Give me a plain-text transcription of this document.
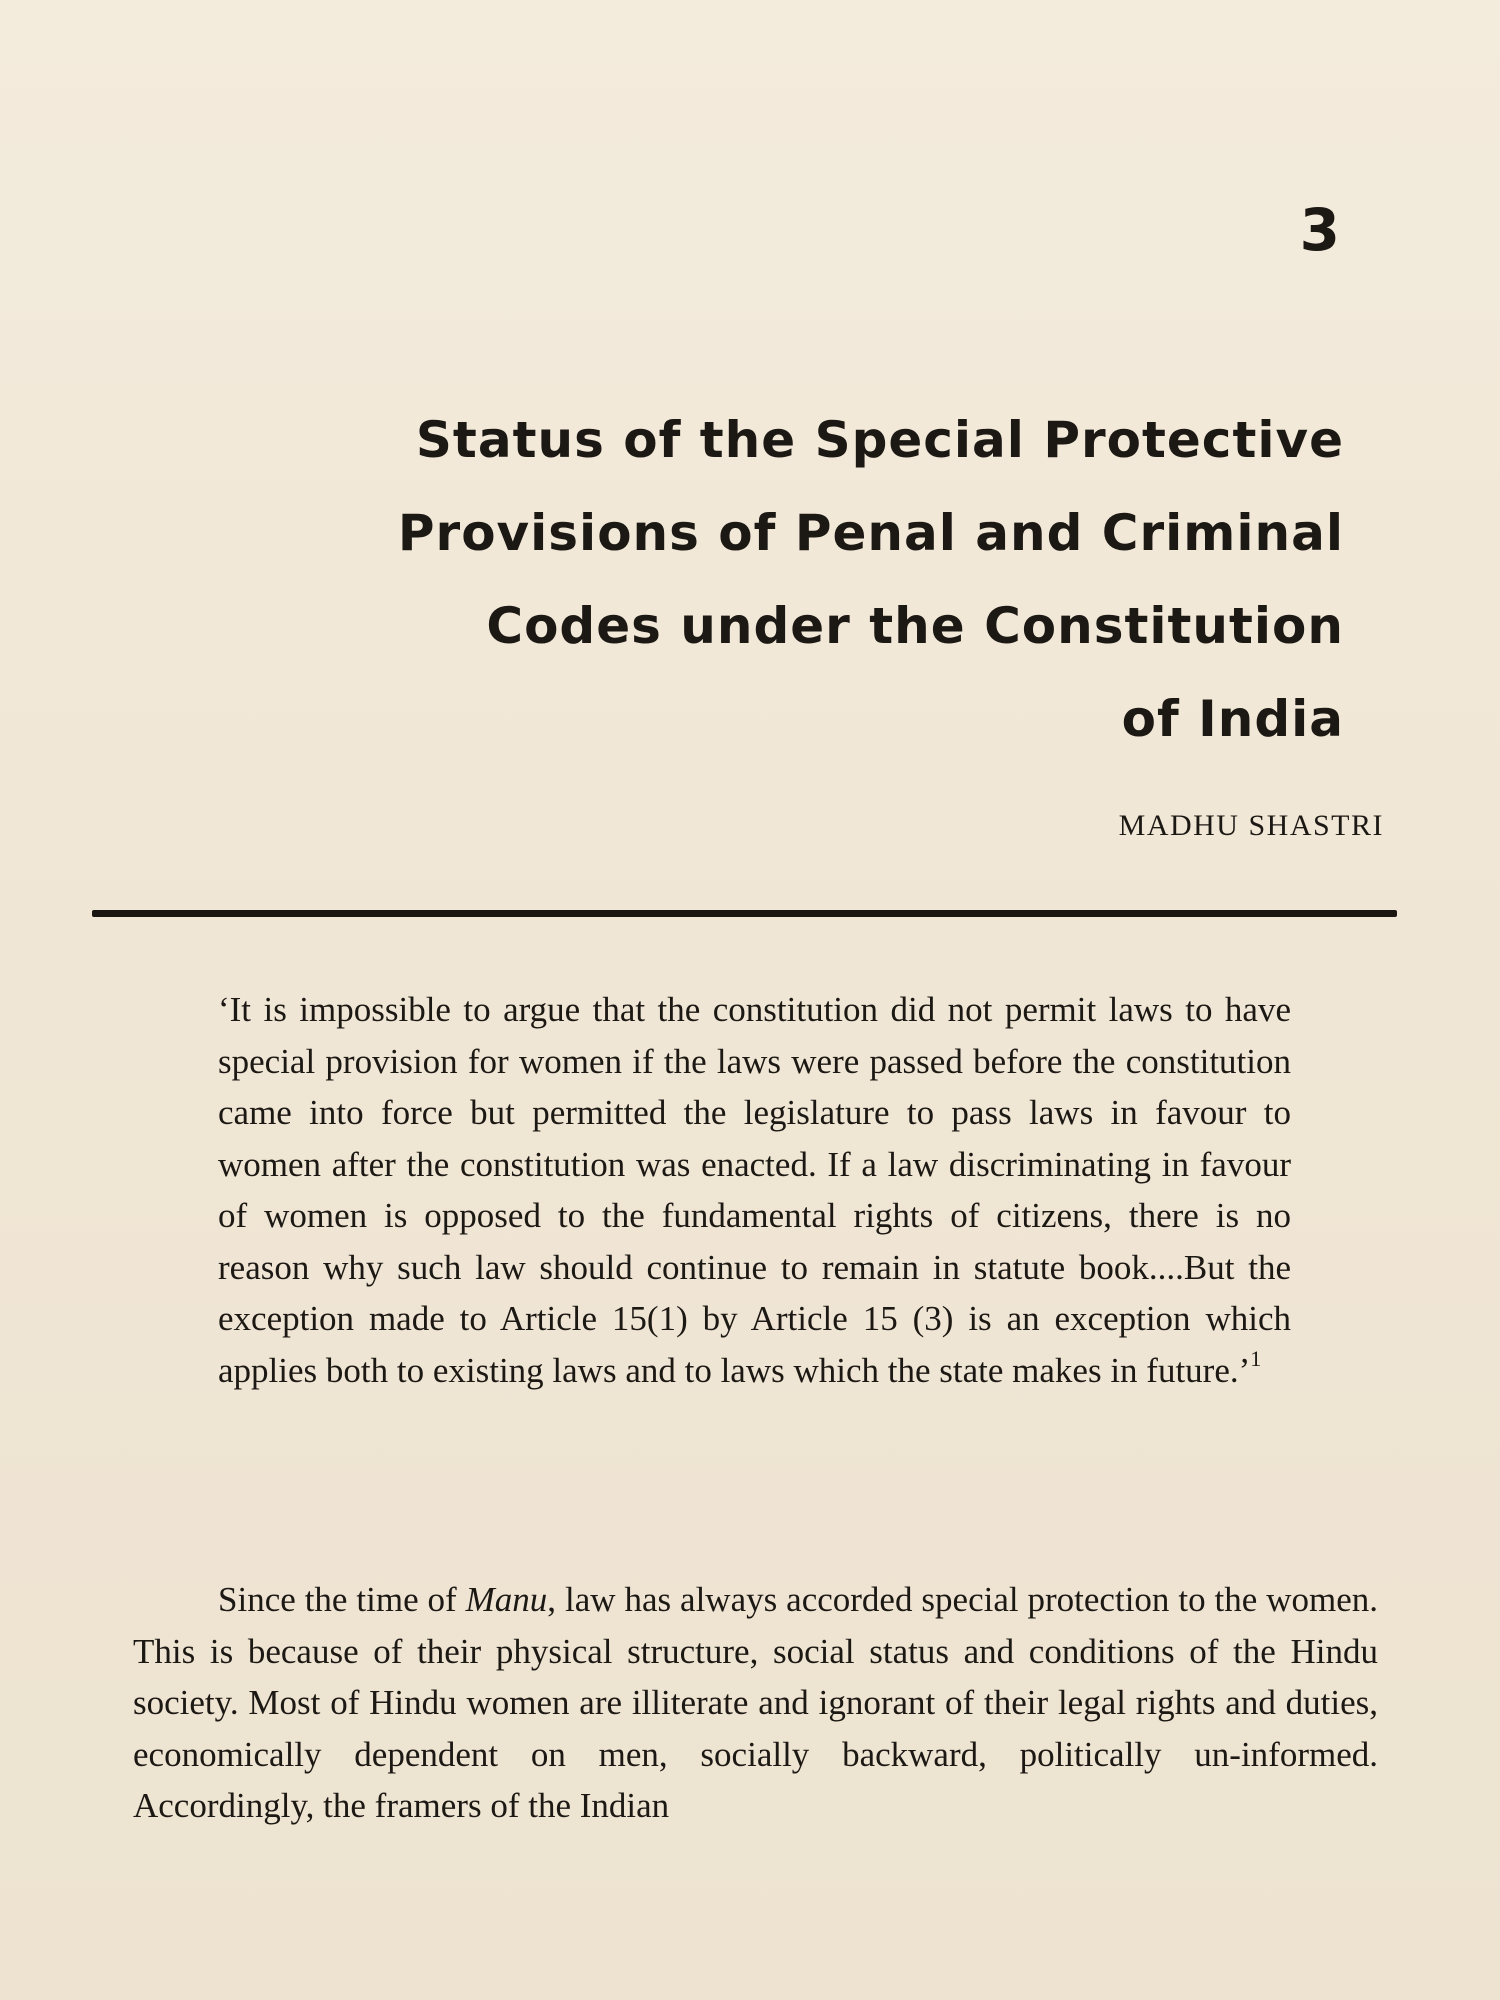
3
Status of the Special Protective
Provisions of Penal and Criminal
Codes under the Constitution
of India
MADHU SHASTRI

‘It is impossible to argue that the constitution did not permit laws to have special provision for women if the laws were passed before the constitution came into force but permitted the legislature to pass laws in favour to women after the constitution was enacted. If a law discriminating in favour of women is opposed to the fundamental rights of citizens, there is no reason why such law should continue to remain in statute book....But the exception made to Article 15(1) by Article 15 (3) is an exception which applies both to existing laws and to laws which the state makes in future.’$^1$

Since the time of Manu, law has always accorded special protection to the women. This is because of their physical structure, social status and conditions of the Hindu society. Most of Hindu women are illiterate and ignorant of their legal rights and duties, economically dependent on men, socially backward, politically un-informed. Accordingly, the framers of the Indian
